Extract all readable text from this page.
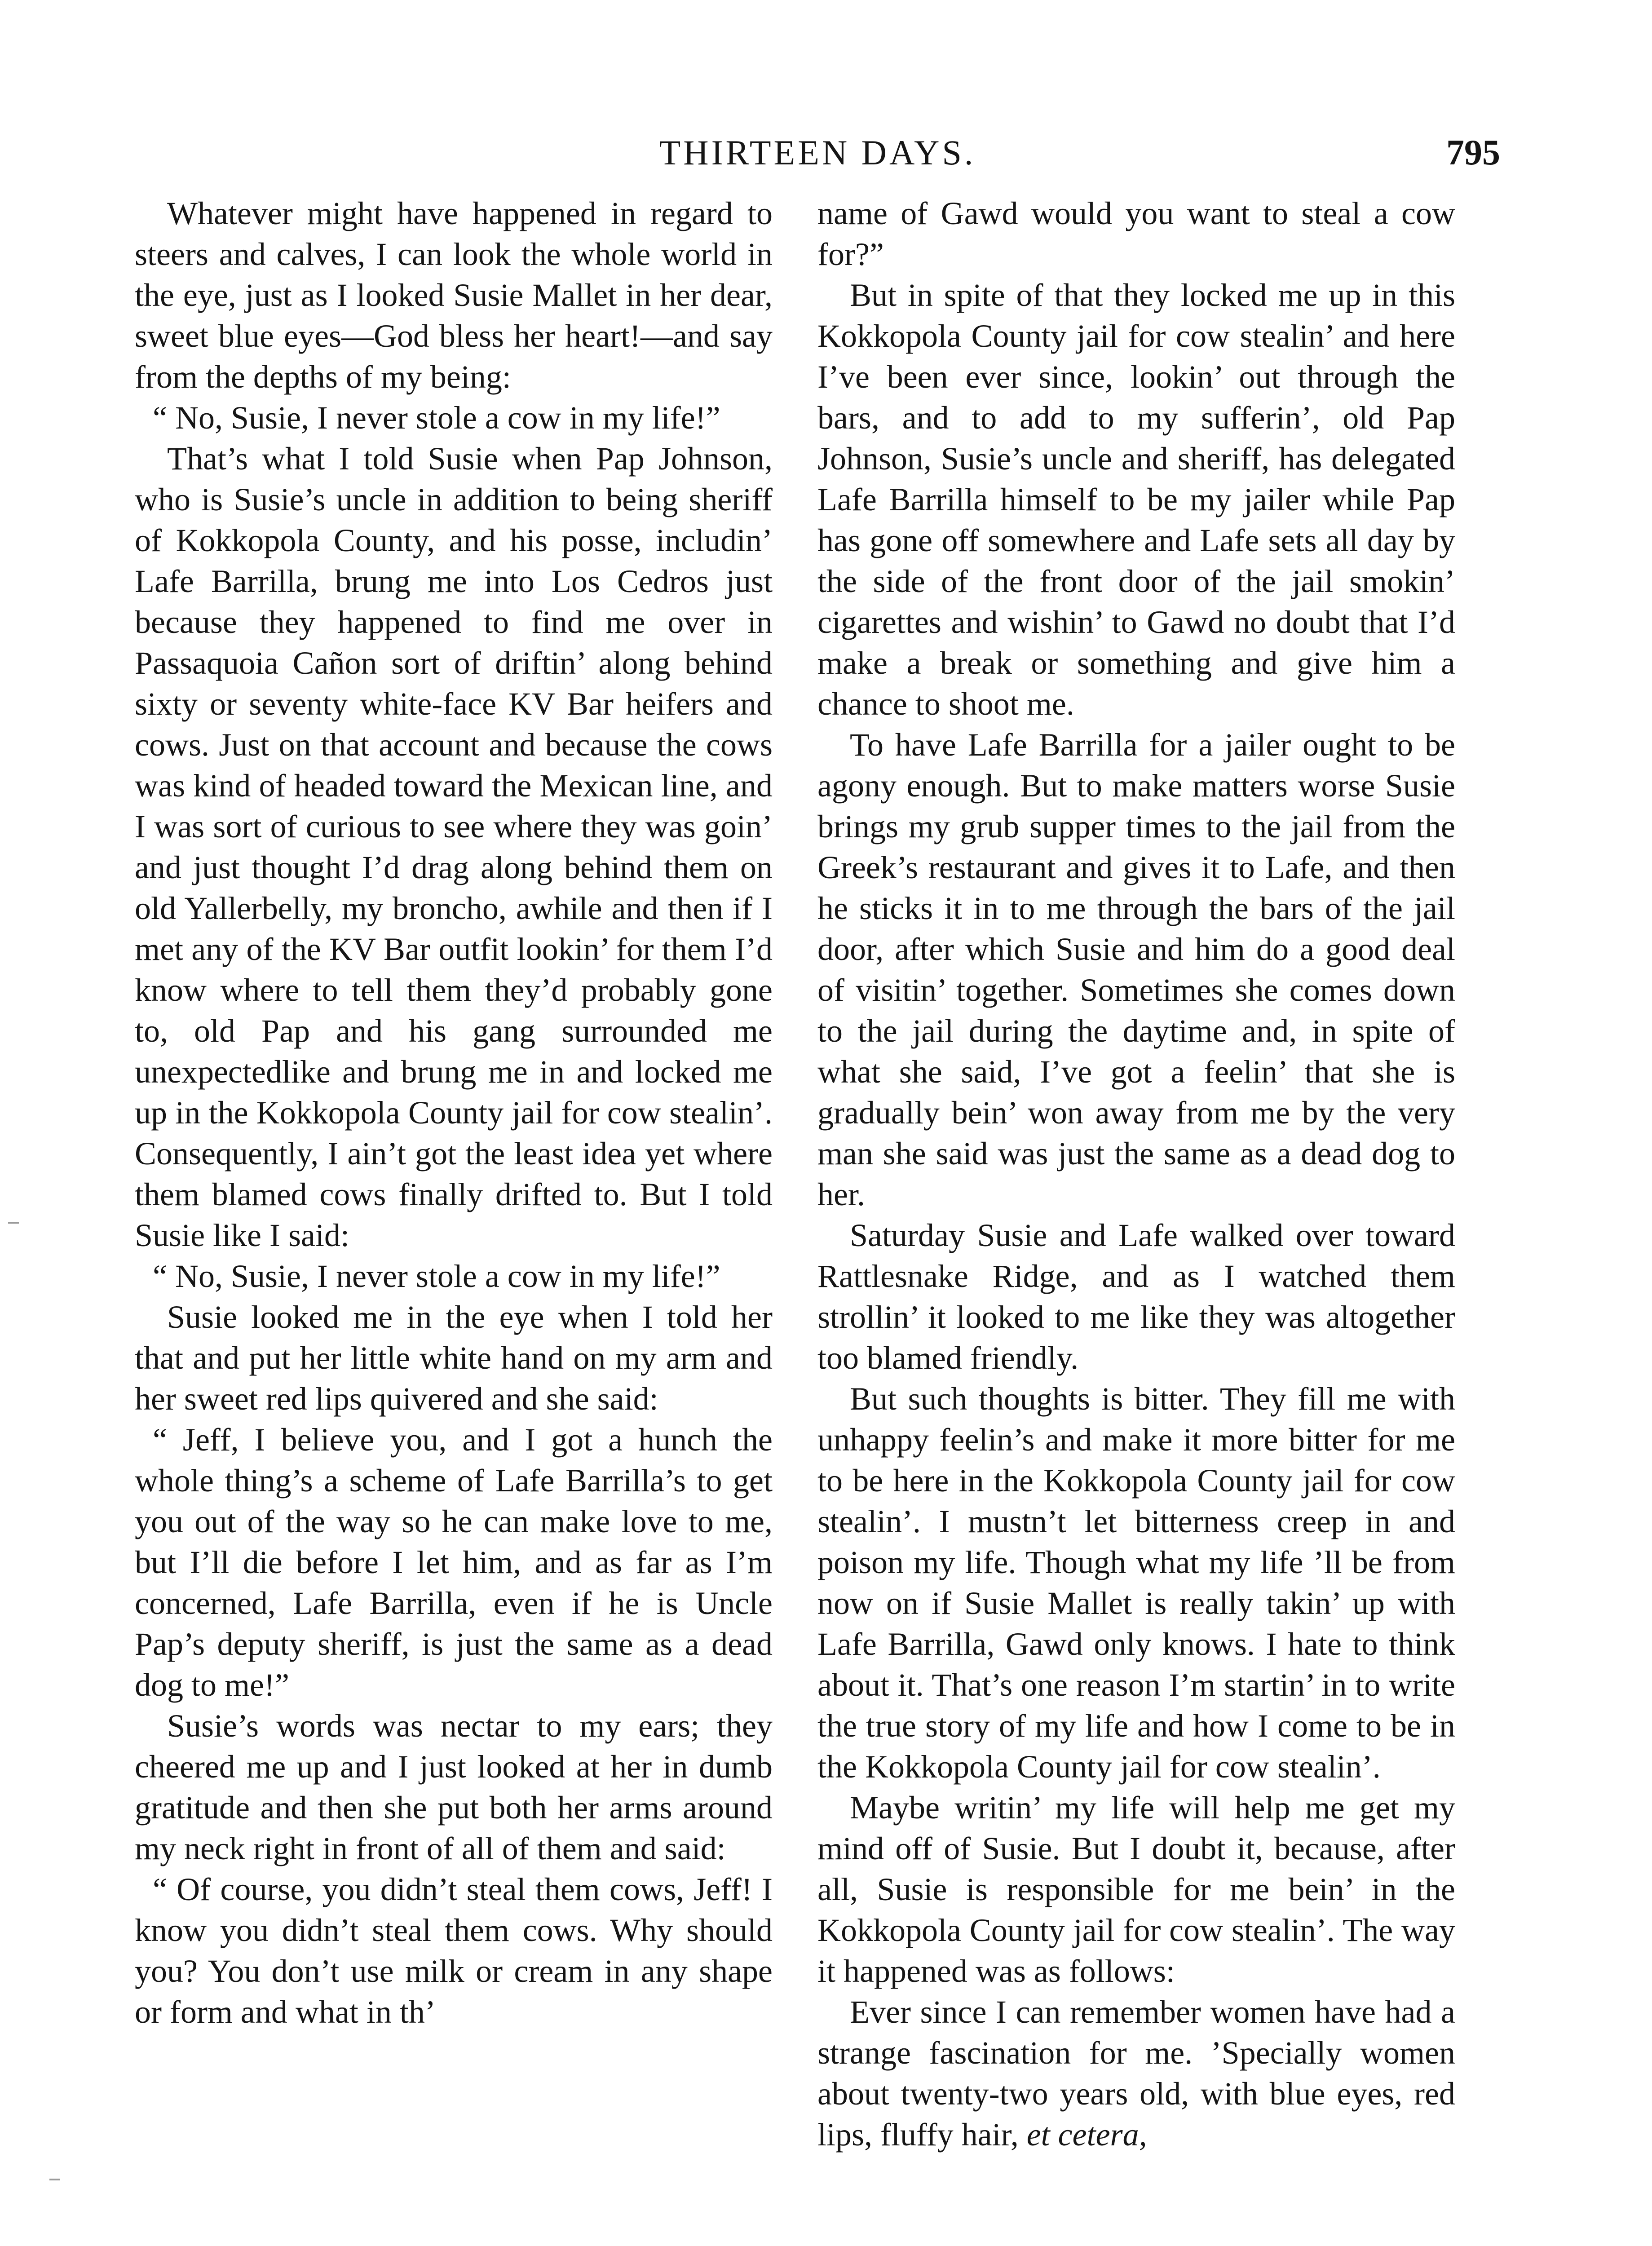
THIRTEEN DAYS.	795

Whatever might have happened in regard to steers and calves, I can look the whole world in the eye, just as I looked Susie Mallet in her dear, sweet blue eyes—God bless her heart!—and say from the depths of my being:

“ No, Susie, I never stole a cow in my life!”

That’s what I told Susie when Pap Johnson, who is Susie’s uncle in addition to being sheriff of Kokkopola County, and his posse, includin’ Lafe Barrilla, brung me into Los Cedros just because they happened to find me over in Passaquoia Cañon sort of driftin’ along behind sixty or seventy white-face KV Bar heifers and cows. Just on that account and because the cows was kind of headed toward the Mexican line, and I was sort of curious to see where they was goin’ and just thought I’d drag along behind them on old Yallerbelly, my broncho, awhile and then if I met any of the KV Bar outfit lookin’ for them I’d know where to tell them they’d probably gone to, old Pap and his gang surrounded me unexpectedlike and brung me in and locked me up in the Kokkopola County jail for cow stealin’. Consequently, I ain’t got the least idea yet where them blamed cows finally drifted to. But I told Susie like I said:

“ No, Susie, I never stole a cow in my life!”

Susie looked me in the eye when I told her that and put her little white hand on my arm and her sweet red lips quivered and she said:

“ Jeff, I believe you, and I got a hunch the whole thing’s a scheme of Lafe Barrilla’s to get you out of the way so he can make love to me, but I’ll die before I let him, and as far as I’m concerned, Lafe Barrilla, even if he is Uncle Pap’s deputy sheriff, is just the same as a dead dog to me!”

Susie’s words was nectar to my ears; they cheered me up and I just looked at her in dumb gratitude and then she put both her arms around my neck right in front of all of them and said:

“ Of course, you didn’t steal them cows, Jeff! I know you didn’t steal them cows. Why should you? You don’t use milk or cream in any shape or form and what in th’

name of Gawd would you want to steal a cow for?”

But in spite of that they locked me up in this Kokkopola County jail for cow stealin’ and here I’ve been ever since, lookin’ out through the bars, and to add to my sufferin’, old Pap Johnson, Susie’s uncle and sheriff, has delegated Lafe Barrilla himself to be my jailer while Pap has gone off somewhere and Lafe sets all day by the side of the front door of the jail smokin’ cigarettes and wishin’ to Gawd no doubt that I’d make a break or something and give him a chance to shoot me.

To have Lafe Barrilla for a jailer ought to be agony enough. But to make matters worse Susie brings my grub supper times to the jail from the Greek’s restaurant and gives it to Lafe, and then he sticks it in to me through the bars of the jail door, after which Susie and him do a good deal of visitin’ together. Sometimes she comes down to the jail during the daytime and, in spite of what she said, I’ve got a feelin’ that she is gradually bein’ won away from me by the very man she said was just the same as a dead dog to her.

Saturday Susie and Lafe walked over toward Rattlesnake Ridge, and as I watched them strollin’ it looked to me like they was altogether too blamed friendly.

But such thoughts is bitter. They fill me with unhappy feelin’s and make it more bitter for me to be here in the Kokkopola County jail for cow stealin’. I mustn’t let bitterness creep in and poison my life. Though what my life ’ll be from now on if Susie Mallet is really takin’ up with Lafe Barrilla, Gawd only knows. I hate to think about it. That’s one reason I’m startin’ in to write the true story of my life and how I come to be in the Kokkopola County jail for cow stealin’.

Maybe writin’ my life will help me get my mind off of Susie. But I doubt it, because, after all, Susie is responsible for me bein’ in the Kokkopola County jail for cow stealin’. The way it happened was as follows:

Ever since I can remember women have had a strange fascination for me. ’Specially women about twenty-two years old, with blue eyes, red lips, fluffy hair, et cetera,
